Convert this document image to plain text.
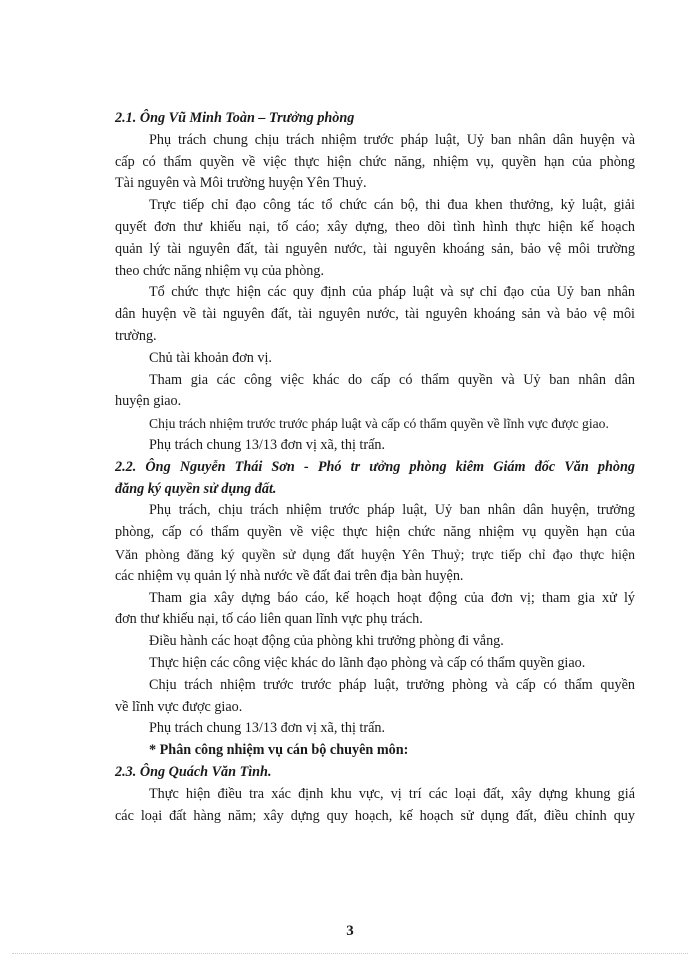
2.1. Ông Vũ Minh Toàn – Trưởng phòng
Phụ trách chung chịu trách nhiệm trước pháp luật, Uỷ ban nhân dân huyện và
cấp có thẩm quyền về việc thực hiện chức năng, nhiệm vụ, quyền hạn của phòng
Tài nguyên và Môi trường huyện Yên Thuỷ.
Trực tiếp chỉ đạo công tác tổ chức cán bộ, thi đua khen thưởng, kỷ luật, giải
quyết đơn thư khiếu nại, tố cáo; xây dựng, theo dõi tình hình thực hiện kế hoạch
quản lý tài nguyên đất, tài nguyên nước, tài nguyên khoáng sản, bảo vệ môi trường
theo chức năng nhiệm vụ của phòng.
Tổ chức thực hiện các quy định của pháp luật và sự chỉ đạo của Uỷ ban nhân
dân huyện về tài nguyên đất, tài nguyên nước, tài nguyên khoáng sản và bảo vệ môi
trường.
Chủ tài khoản đơn vị.
Tham gia các công việc khác do cấp có thẩm quyền và Uỷ ban nhân dân
huyện giao.
Chịu trách nhiệm trước trước pháp luật và cấp có thẩm quyền về lĩnh vực được giao.
Phụ trách chung 13/13 đơn vị xã, thị trấn.
2.2. Ông Nguyễn Thái Sơn - Phó tr ưởng phòng kiêm Giám đốc Văn phòng
đăng ký quyền sử dụng đất.
Phụ trách, chịu trách nhiệm trước pháp luật, Uỷ ban nhân dân huyện, trưởng
phòng, cấp có thẩm quyền về việc thực hiện chức năng nhiệm vụ quyền hạn của
Văn phòng đăng ký quyền sử dụng đất huyện Yên Thuỷ; trực tiếp chỉ đạo thực hiện
các nhiệm vụ quản lý nhà nước về đất đai trên địa bàn huyện.
Tham gia xây dựng báo cáo, kế hoạch hoạt động của đơn vị; tham gia xử lý
đơn thư khiếu nại, tố cáo liên quan lĩnh vực phụ trách.
Điều hành các hoạt động của phòng khi trưởng phòng đi vắng.
Thực hiện các công việc khác do lãnh đạo phòng và cấp có thẩm quyền giao.
Chịu trách nhiệm trước trước pháp luật, trưởng phòng và cấp có thẩm quyền
về lĩnh vực được giao.
Phụ trách chung 13/13 đơn vị xã, thị trấn.
* Phân công nhiệm vụ cán bộ chuyên môn:
2.3. Ông Quách Văn Tình.
Thực hiện điều tra xác định khu vực, vị trí các loại đất, xây dựng khung giá
các loại đất hàng năm; xây dựng quy hoạch, kế hoạch sử dụng đất, điều chỉnh quy
3
